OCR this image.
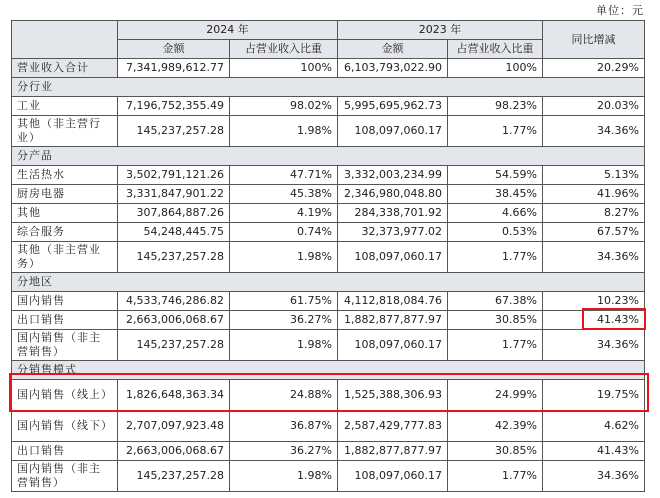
单位：元
	2024 年		2023 年		同比增减
	金额	占营业收入比重	金额	占营业收入比重	
营业收入合计	7,341,989,612.77	100%	6,103,793,022.90	100%	20.29%
分行业					
工业	7,196,752,355.49	98.02%	5,995,695,962.73	98.23%	20.03%
其他（非主营行业）	145,237,257.28	1.98%	108,097,060.17	1.77%	34.36%
分产品					
生活热水	3,502,791,121.26	47.71%	3,332,003,234.99	54.59%	5.13%
厨房电器	3,331,847,901.22	45.38%	2,346,980,048.80	38.45%	41.96%
其他	307,864,887.26	4.19%	284,338,701.92	4.66%	8.27%
综合服务	54,248,445.75	0.74%	32,373,977.02	0.53%	67.57%
其他（非主营业务）	145,237,257.28	1.98%	108,097,060.17	1.77%	34.36%
分地区					
国内销售	4,533,746,286.82	61.75%	4,112,818,084.76	67.38%	10.23%
出口销售	2,663,006,068.67	36.27%	1,882,877,877.97	30.85%	41.43%
国内销售（非主营销售）	145,237,257.28	1.98%	108,097,060.17	1.77%	34.36%
分销售模式					
国内销售（线上）	1,826,648,363.34	24.88%	1,525,388,306.93	24.99%	19.75%
国内销售（线下）	2,707,097,923.48	36.87%	2,587,429,777.83	42.39%	4.62%
出口销售	2,663,006,068.67	36.27%	1,882,877,877.97	30.85%	41.43%
国内销售（非主营销售）	145,237,257.28	1.98%	108,097,060.17	1.77%	34.36%
